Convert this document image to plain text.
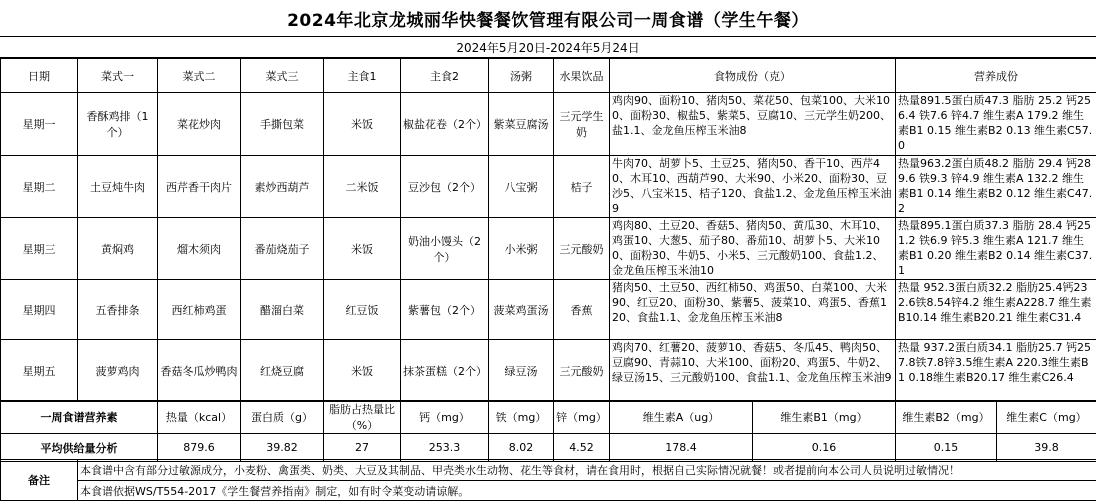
2024年北京龙城丽华快餐餐饮管理有限公司一周食谱（学生午餐）
2024年5月20日-2024年5月24日
日期	菜式一	菜式二	菜式三	主食1	主食2	汤粥	水果饮品	食物成份（克）	营养成份
星期一	香酥鸡排（1个）	菜花炒肉	手撕包菜	米饭	椒盐花卷（2个）	紫菜豆腐汤	三元学生奶	鸡肉90、面粉10、猪肉50、菜花50、包菜100、大米100、面粉30、椒盐5、紫菜5、豆腐10、三元学生奶200、盐1.1、金龙鱼压榨玉米油8	热量891.5蛋白质47.3 脂肪 25.2 钙256.4 铁7.6 锌4.7 维生素A 179.2 维生素B1 0.15 维生素B2 0.13 维生素C57.0
星期二	土豆炖牛肉	西芹香干肉片	素炒西葫芦	二米饭	豆沙包（2个）	八宝粥	桔子	牛肉70、胡萝卜5、土豆25、猪肉50、香干10、西芹40、木耳10、西葫芦90、大米90、小米20、面粉30、豆沙5、八宝米15、桔子120、食盐1.2、金龙鱼压榨玉米油9	热量963.2蛋白质48.2 脂肪 29.4 钙289.6 铁9.3 锌4.9 维生素A 132.2 维生素B1 0.14 维生素B2 0.12 维生素C47.2
星期三	黄焖鸡	熘木须肉	番茄烧茄子	米饭	奶油小馒头（2个）	小米粥	三元酸奶	鸡肉80、土豆20、香菇5、猪肉50、黄瓜30、木耳10、鸡蛋10、大葱5、茄子80、番茄10、胡萝卜5、大米100、面粉30、牛奶5、小米5、三元酸奶100、食盐1.2、金龙鱼压榨玉米油10	热量895.1蛋白质37.3 脂肪 28.4 钙251.2 铁6.9 锌5.3 维生素A 121.7 维生素B1 0.20 维生素B2 0.14 维生素C37.1
星期四	五香排条	西红柿鸡蛋	醋溜白菜	红豆饭	紫薯包（2个）	菠菜鸡蛋汤	香蕉	猪肉50、土豆50、西红柿50、鸡蛋50、白菜100、大米90、红豆20、面粉30、紫薯5、菠菜10、鸡蛋5、香蕉120、食盐1.1、金龙鱼压榨玉米油8	热量 952.3蛋白质32.2 脂肪25.4钙232.6铁8.54锌4.2 维生素A228.7 维生素B10.14 维生素B20.21 维生素C31.4
星期五	菠萝鸡肉	香菇冬瓜炒鸭肉	红烧豆腐	米饭	抹茶蛋糕（2个）	绿豆汤	三元酸奶	鸡肉70、红薯20、菠萝10、香菇5、冬瓜45、鸭肉50、豆腐90、青蒜10、大米100、面粉20、鸡蛋5、牛奶2、绿豆汤15、三元酸奶100、食盐1.1、金龙鱼压榨玉米油9	热量 937.2蛋白质34.1 脂肪25.7 钙257.8铁7.8锌3.5维生素A 220.3维生素B1 0.18维生素B20.17 维生素C26.4
一周食谱营养素	热量（kcal）	蛋白质（g）	脂肪占热量比（%）	钙（mg）	铁（mg）	锌（mg）	维生素A（ug）	维生素B1（mg）	维生素B2（mg）	维生素C（mg）
平均供给量分析	879.6	39.82	27	253.3	8.02	4.52	178.4	0.16	0.15	39.8
备注	本食谱中含有部分过敏源成分，小麦粉、禽蛋类、奶类、大豆及其制品、甲壳类水生动物、花生等食材，请在食用时，根据自己实际情况就餐！或者提前向本公司人员说明过敏情况！
本食谱依据WS/T554-2017《学生餐营养指南》制定，如有时令菜变动请谅解。
